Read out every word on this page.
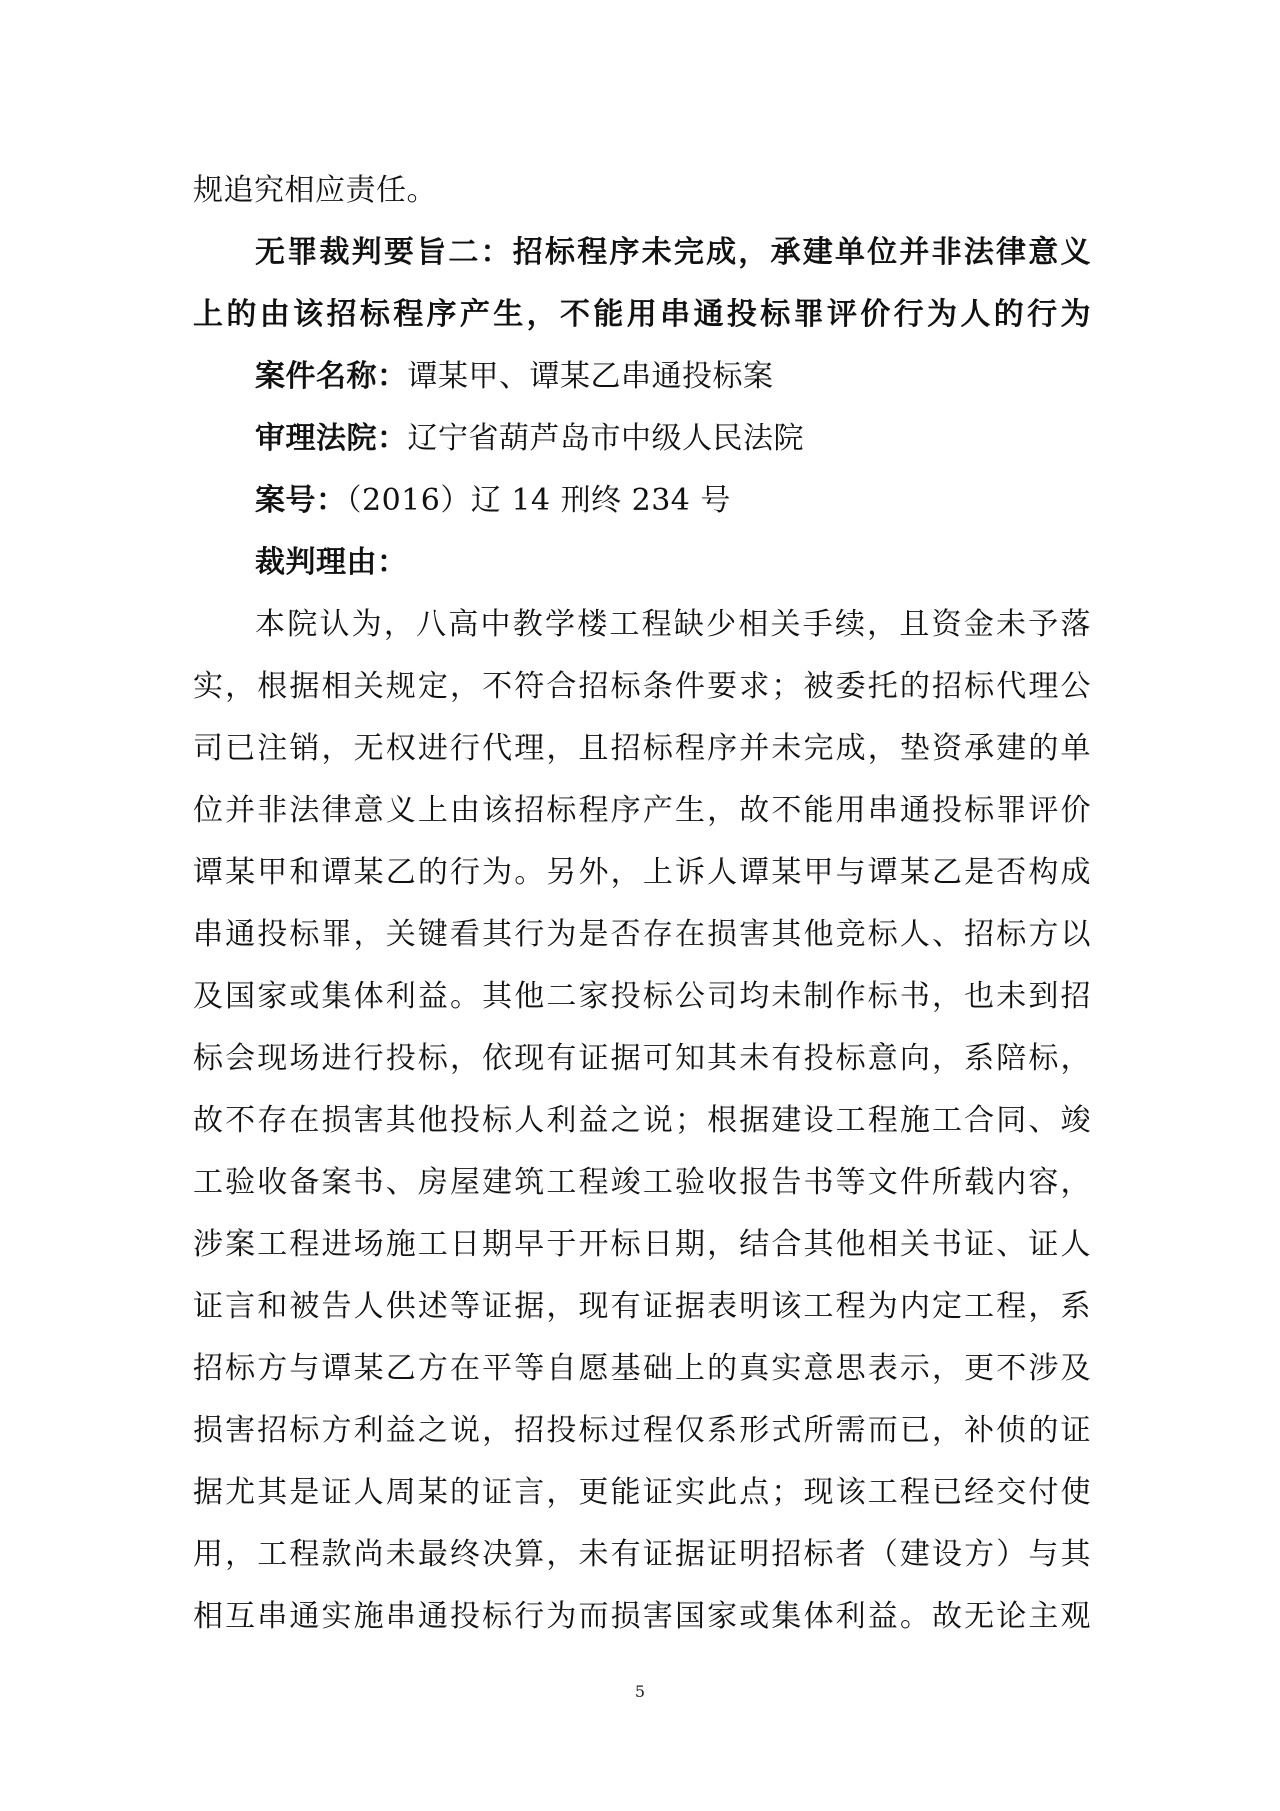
规追究相应责任。
无罪裁判要旨二：招标程序未完成，承建单位并非法律意义
上的由该招标程序产生，不能用串通投标罪评价行为人的行为
案件名称：谭某甲、谭某乙串通投标案
审理法院：辽宁省葫芦岛市中级人民法院
案号：（2016）辽 14 刑终 234 号
裁判理由：
本院认为，八高中教学楼工程缺少相关手续，且资金未予落
实，根据相关规定，不符合招标条件要求；被委托的招标代理公
司已注销，无权进行代理，且招标程序并未完成，垫资承建的单
位并非法律意义上由该招标程序产生，故不能用串通投标罪评价
谭某甲和谭某乙的行为。另外，上诉人谭某甲与谭某乙是否构成
串通投标罪，关键看其行为是否存在损害其他竞标人、招标方以
及国家或集体利益。其他二家投标公司均未制作标书，也未到招
标会现场进行投标，依现有证据可知其未有投标意向，系陪标，
故不存在损害其他投标人利益之说；根据建设工程施工合同、竣
工验收备案书、房屋建筑工程竣工验收报告书等文件所载内容，
涉案工程进场施工日期早于开标日期，结合其他相关书证、证人
证言和被告人供述等证据，现有证据表明该工程为内定工程，系
招标方与谭某乙方在平等自愿基础上的真实意思表示，更不涉及
损害招标方利益之说，招投标过程仅系形式所需而已，补侦的证
据尤其是证人周某的证言，更能证实此点；现该工程已经交付使
用，工程款尚未最终决算，未有证据证明招标者（建设方）与其
相互串通实施串通投标行为而损害国家或集体利益。故无论主观
5
